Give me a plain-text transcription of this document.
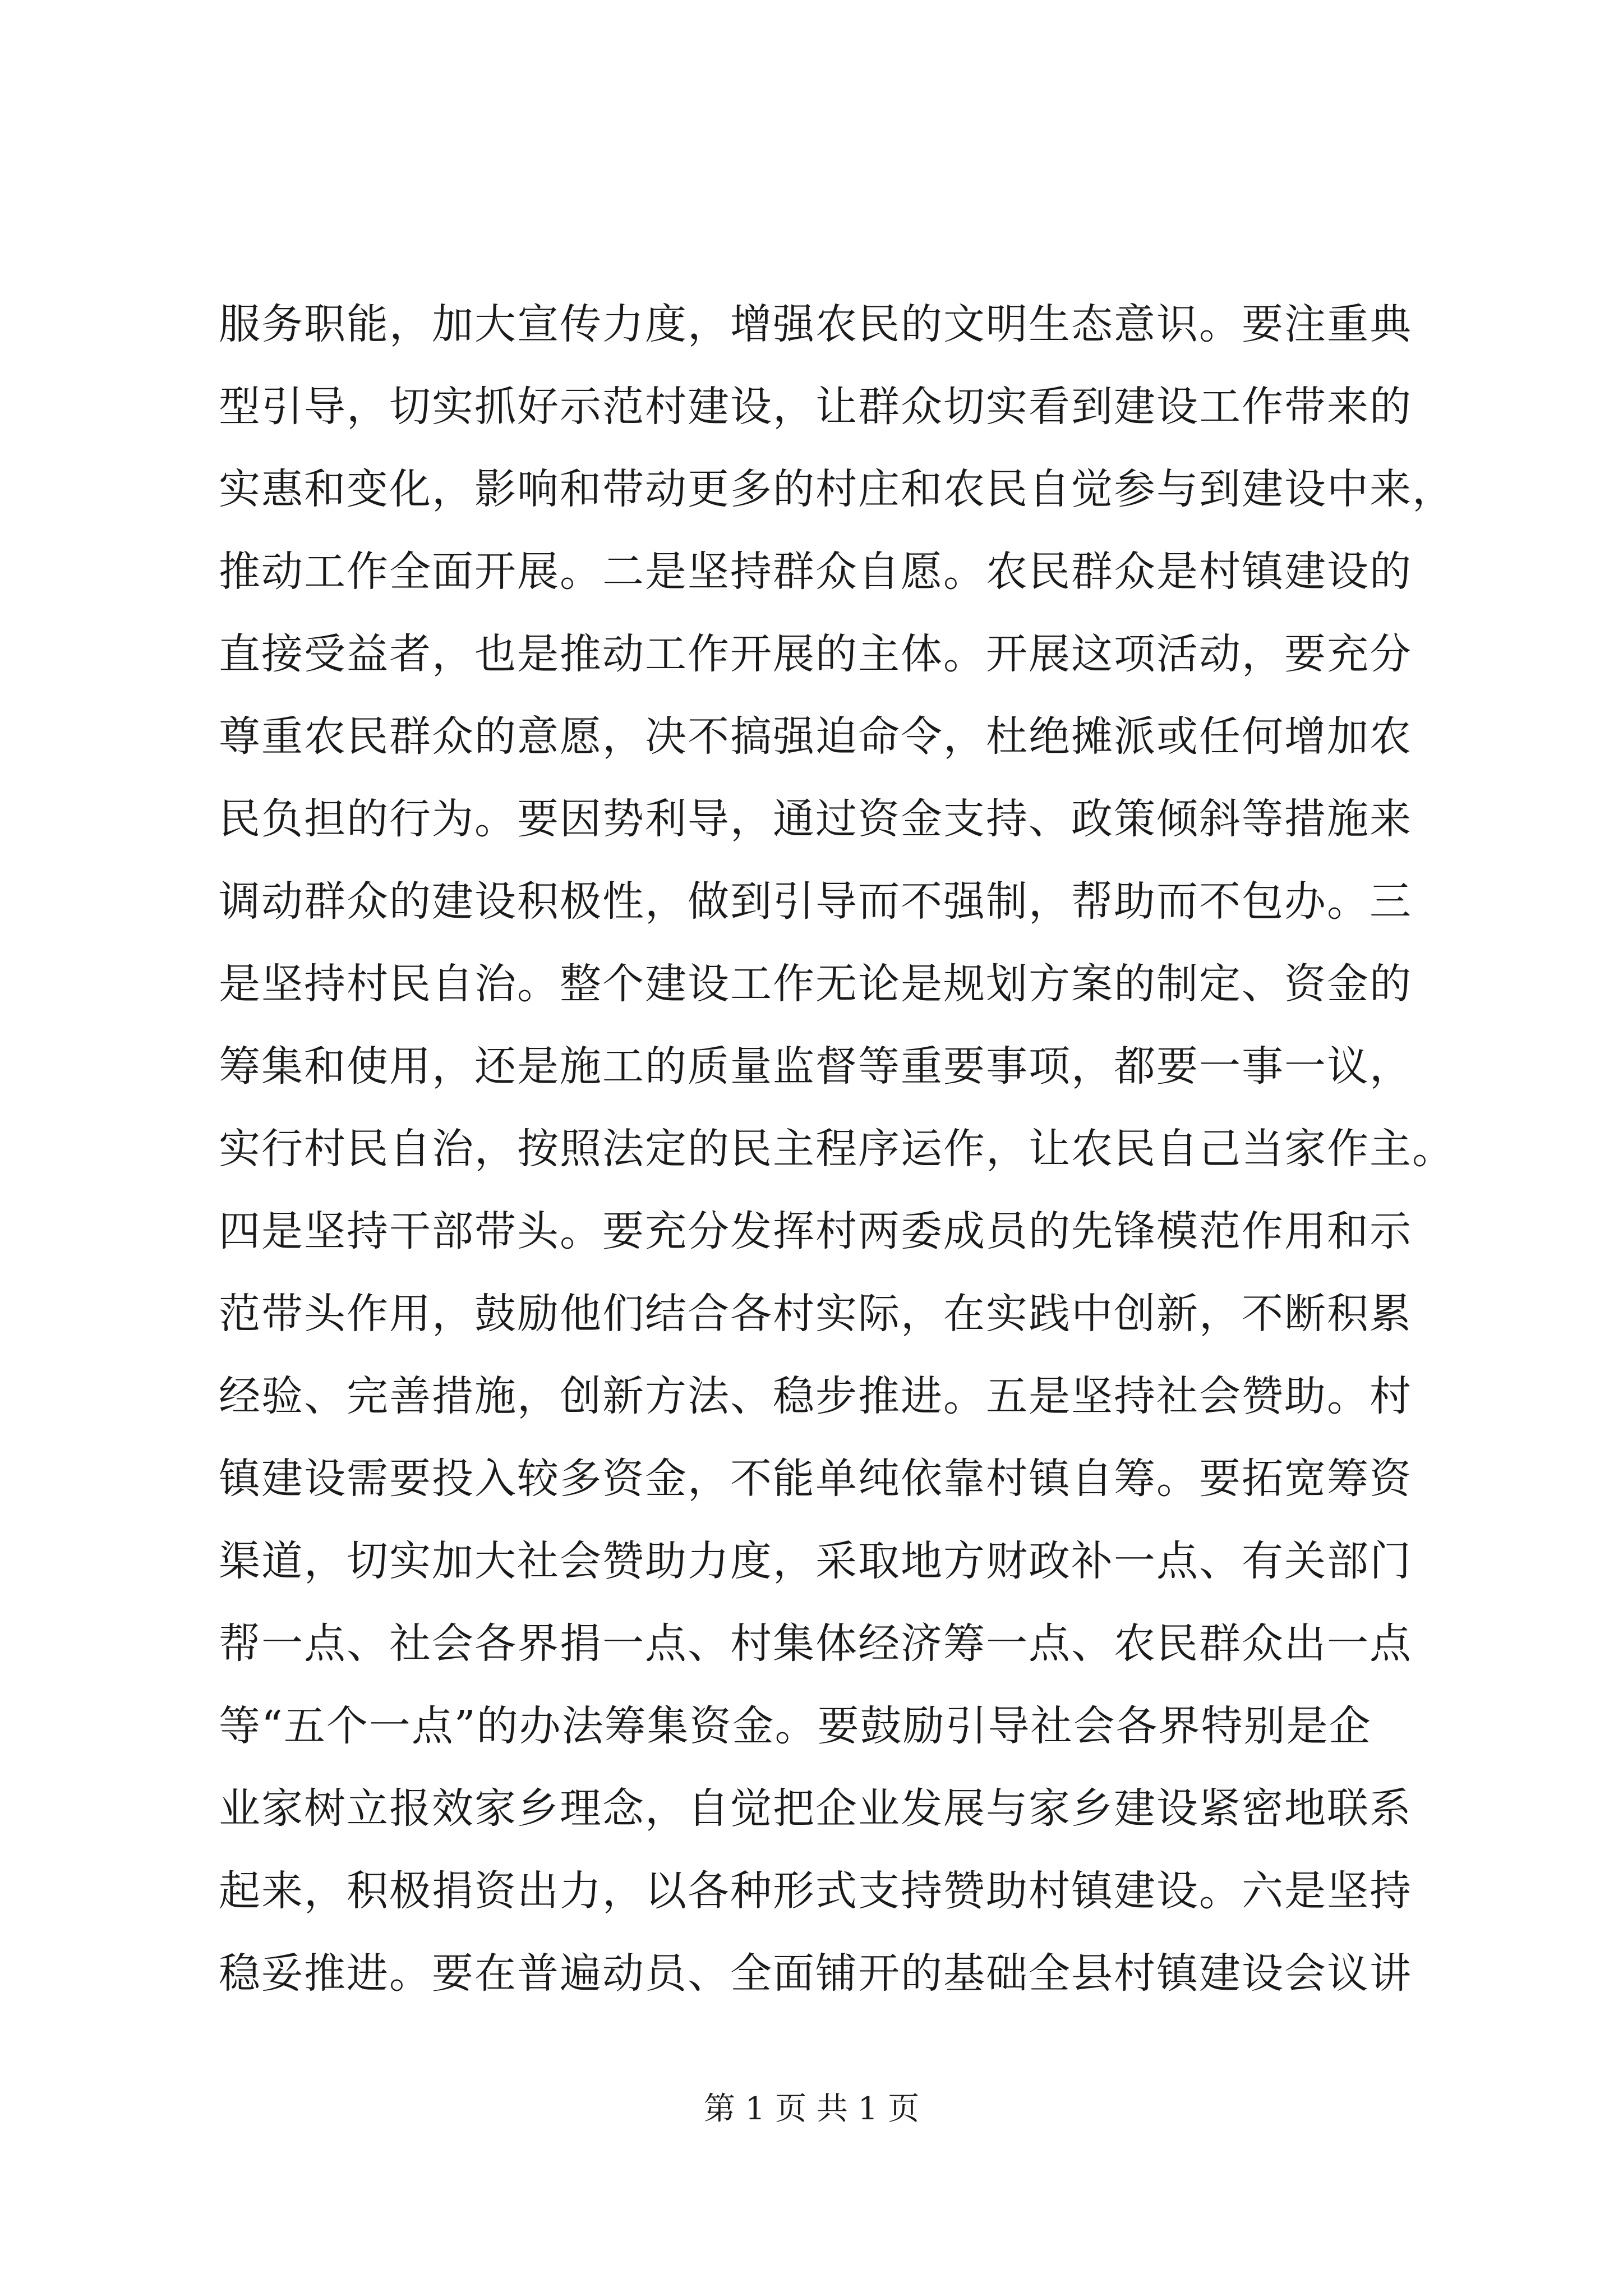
服务职能，加大宣传力度，增强农民的文明生态意识。要注重典
型引导，切实抓好示范村建设，让群众切实看到建设工作带来的
实惠和变化，影响和带动更多的村庄和农民自觉参与到建设中来，
推动工作全面开展。二是坚持群众自愿。农民群众是村镇建设的
直接受益者，也是推动工作开展的主体。开展这项活动，要充分
尊重农民群众的意愿，决不搞强迫命令，杜绝摊派或任何增加农
民负担的行为。要因势利导，通过资金支持、政策倾斜等措施来
调动群众的建设积极性，做到引导而不强制，帮助而不包办。三
是坚持村民自治。整个建设工作无论是规划方案的制定、资金的
筹集和使用，还是施工的质量监督等重要事项，都要一事一议，
实行村民自治，按照法定的民主程序运作，让农民自己当家作主。
四是坚持干部带头。要充分发挥村两委成员的先锋模范作用和示
范带头作用，鼓励他们结合各村实际，在实践中创新，不断积累
经验、完善措施，创新方法、稳步推进。五是坚持社会赞助。村
镇建设需要投入较多资金，不能单纯依靠村镇自筹。要拓宽筹资
渠道，切实加大社会赞助力度，采取地方财政补一点、有关部门
帮一点、社会各界捐一点、村集体经济筹一点、农民群众出一点
等“五个一点”的办法筹集资金。要鼓励引导社会各界特别是企
业家树立报效家乡理念，自觉把企业发展与家乡建设紧密地联系
起来，积极捐资出力，以各种形式支持赞助村镇建设。六是坚持
稳妥推进。要在普遍动员、全面铺开的基础全县村镇建设会议讲
第 1 页 共 1 页
